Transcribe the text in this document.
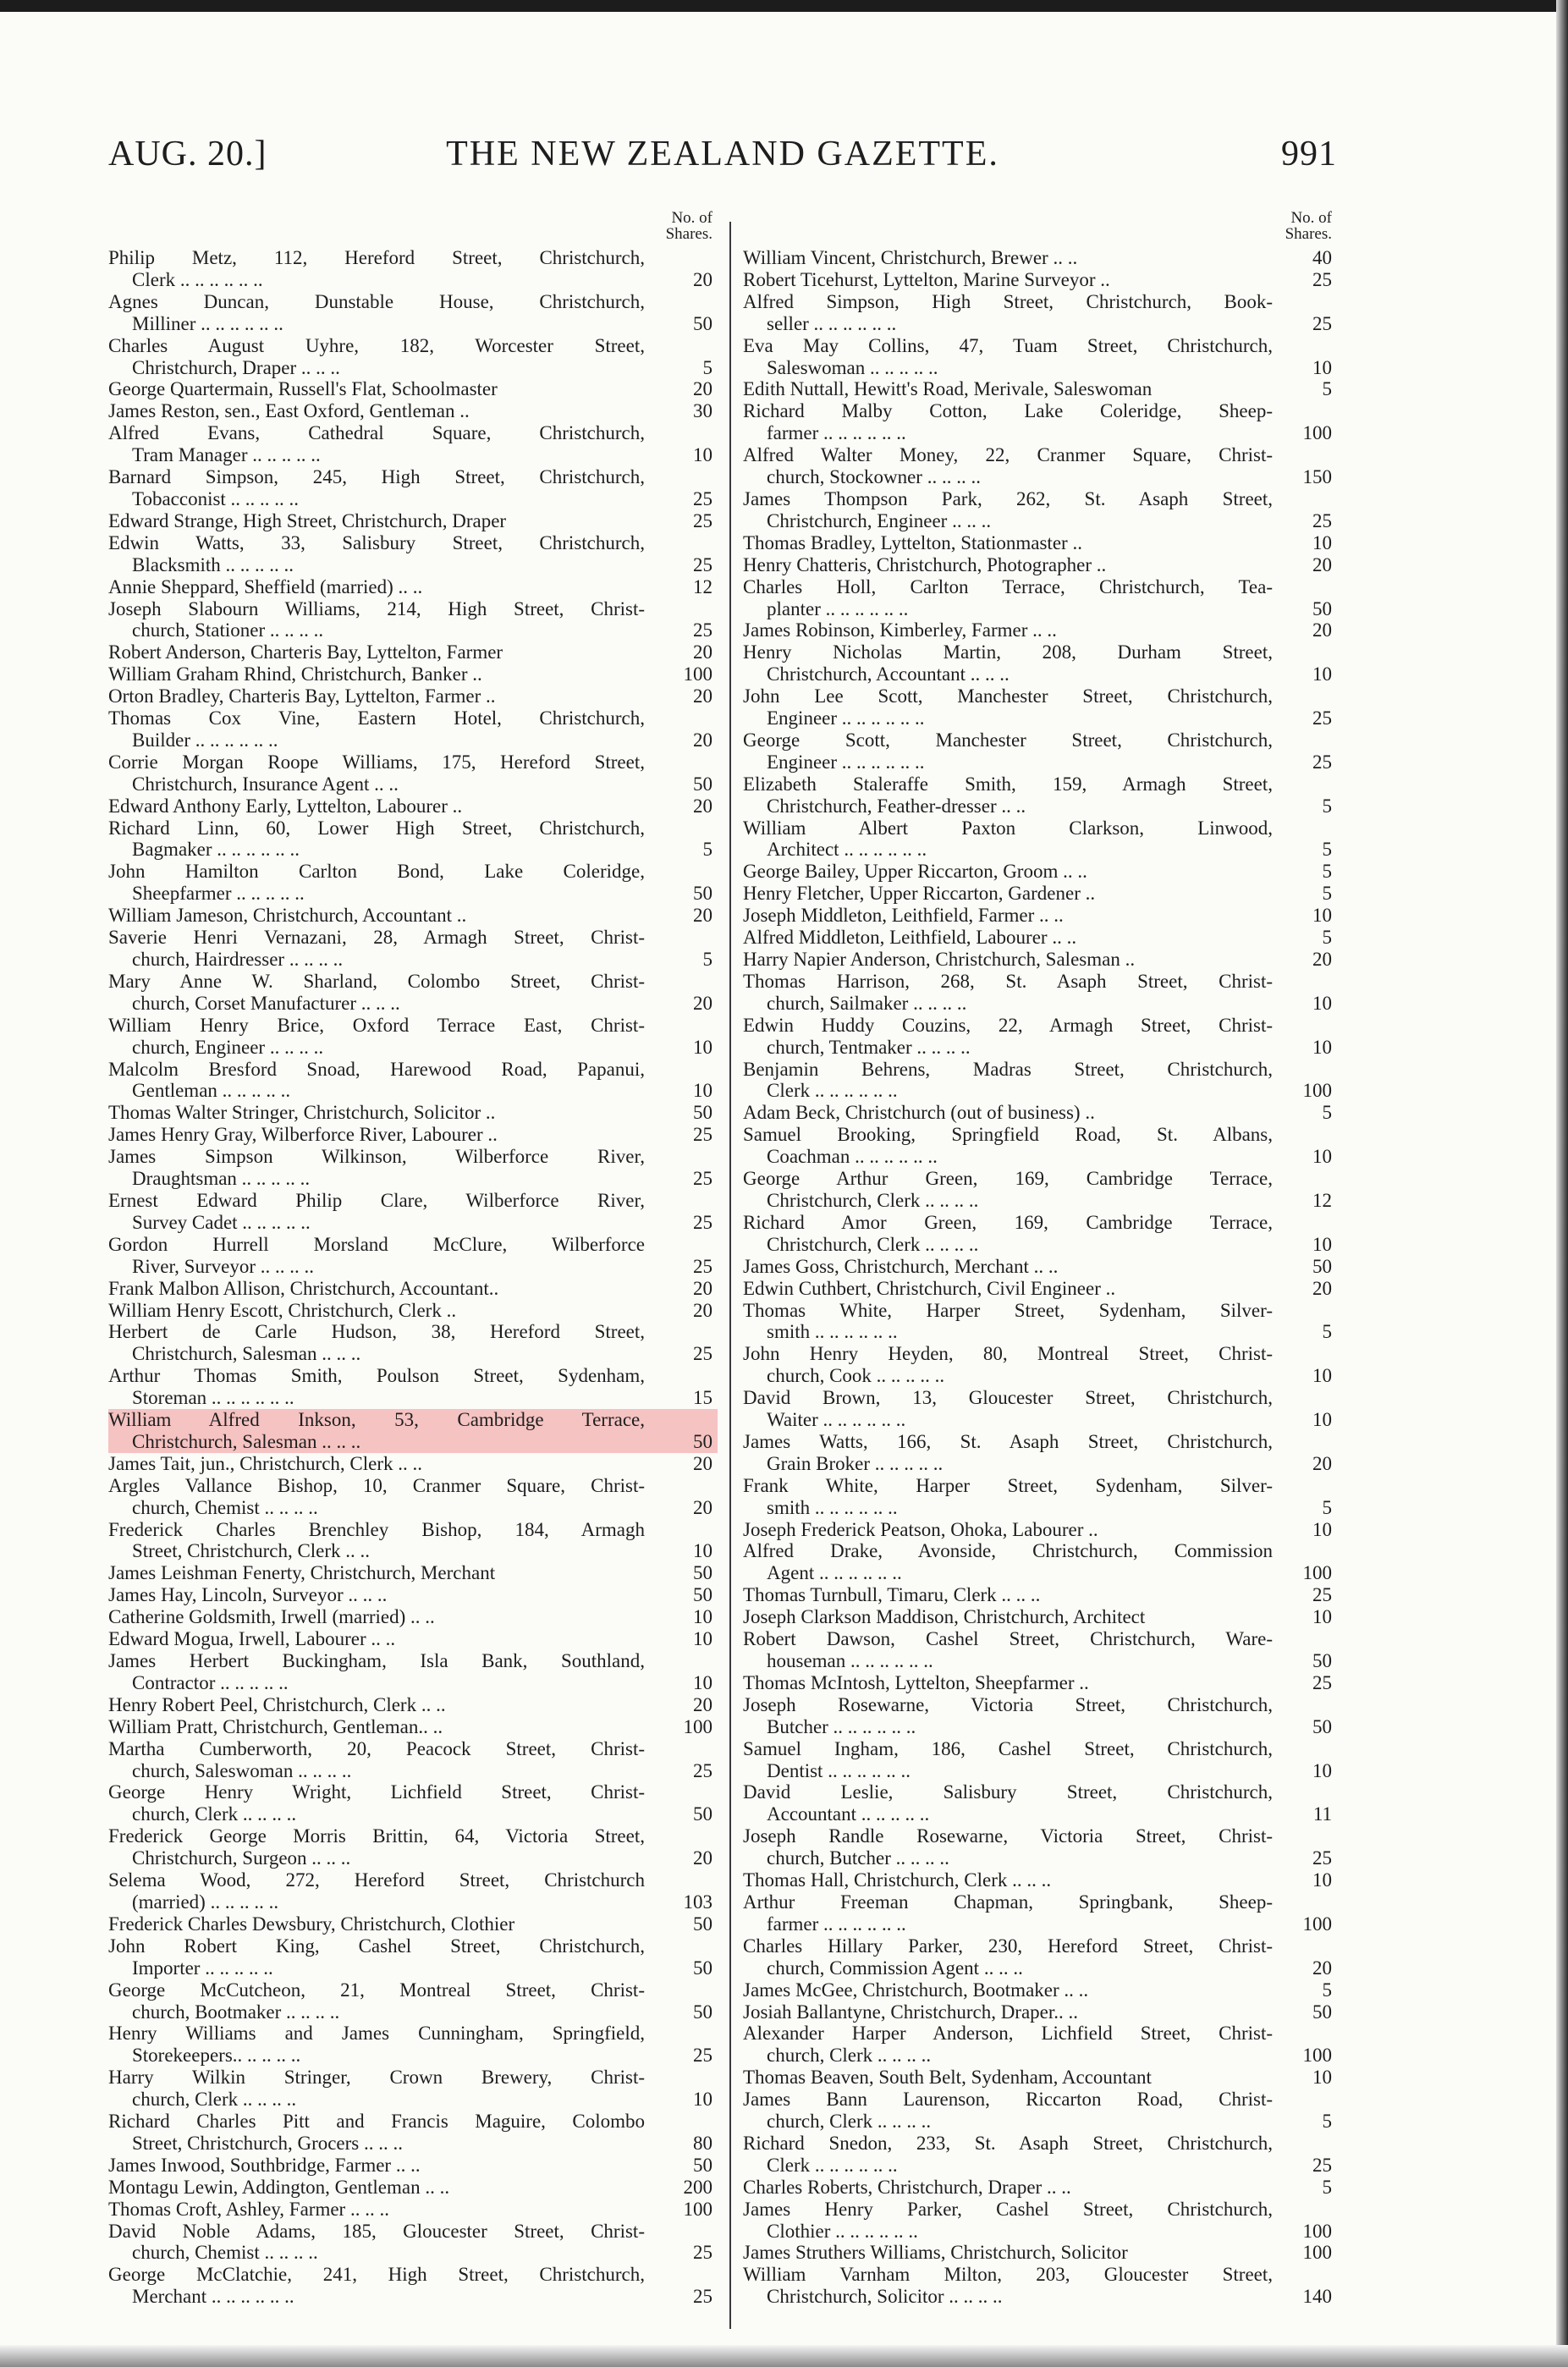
AUG. 20.]	THE NEW ZEALAND GAZETTE.	991
No. of
Shares.
Philip Metz, 112, Hereford Street, Christchurch,
Clerk .. .. .. .. .. ..	20
Agnes Duncan, Dunstable House, Christchurch,
Milliner .. .. .. .. .. ..	50
Charles August Uyhre, 182, Worcester Street,
Christchurch, Draper .. .. ..	5
George Quartermain, Russell's Flat, Schoolmaster	20
James Reston, sen., East Oxford, Gentleman ..	30
Alfred Evans, Cathedral Square, Christchurch,
Tram Manager .. .. .. .. ..	10
Barnard Simpson, 245, High Street, Christchurch,
Tobacconist .. .. .. .. ..	25
Edward Strange, High Street, Christchurch, Draper	25
Edwin Watts, 33, Salisbury Street, Christchurch,
Blacksmith .. .. .. .. ..	25
Annie Sheppard, Sheffield (married) .. ..	12
Joseph Slabourn Williams, 214, High Street, Christ-
church, Stationer .. .. .. ..	25
Robert Anderson, Charteris Bay, Lyttelton, Farmer	20
William Graham Rhind, Christchurch, Banker ..	100
Orton Bradley, Charteris Bay, Lyttelton, Farmer ..	20
Thomas Cox Vine, Eastern Hotel, Christchurch,
Builder .. .. .. .. .. ..	20
Corrie Morgan Roope Williams, 175, Hereford Street,
Christchurch, Insurance Agent .. ..	50
Edward Anthony Early, Lyttelton, Labourer ..	20
Richard Linn, 60, Lower High Street, Christchurch,
Bagmaker .. .. .. .. .. ..	5
John Hamilton Carlton Bond, Lake Coleridge,
Sheepfarmer .. .. .. .. ..	50
William Jameson, Christchurch, Accountant ..	20
Saverie Henri Vernazani, 28, Armagh Street, Christ-
church, Hairdresser .. .. .. ..	5
Mary Anne W. Sharland, Colombo Street, Christ-
church, Corset Manufacturer .. .. ..	20
William Henry Brice, Oxford Terrace East, Christ-
church, Engineer .. .. .. ..	10
Malcolm Bresford Snoad, Harewood Road, Papanui,
Gentleman .. .. .. .. ..	10
Thomas Walter Stringer, Christchurch, Solicitor ..	50
James Henry Gray, Wilberforce River, Labourer ..	25
James Simpson Wilkinson, Wilberforce River,
Draughtsman .. .. .. .. ..	25
Ernest Edward Philip Clare, Wilberforce River,
Survey Cadet .. .. .. .. ..	25
Gordon Hurrell Morsland McClure, Wilberforce
River, Surveyor .. .. .. ..	25
Frank Malbon Allison, Christchurch, Accountant..	20
William Henry Escott, Christchurch, Clerk ..	20
Herbert de Carle Hudson, 38, Hereford Street,
Christchurch, Salesman .. .. ..	25
Arthur Thomas Smith, Poulson Street, Sydenham,
Storeman .. .. .. .. .. ..	15
William Alfred Inkson, 53, Cambridge Terrace,
Christchurch, Salesman .. .. ..	50
James Tait, jun., Christchurch, Clerk .. ..	20
Argles Vallance Bishop, 10, Cranmer Square, Christ-
church, Chemist .. .. .. ..	20
Frederick Charles Brenchley Bishop, 184, Armagh
Street, Christchurch, Clerk .. ..	10
James Leishman Fenerty, Christchurch, Merchant	50
James Hay, Lincoln, Surveyor .. .. ..	50
Catherine Goldsmith, Irwell (married) .. ..	10
Edward Mogua, Irwell, Labourer .. ..	10
James Herbert Buckingham, Isla Bank, Southland,
Contractor .. .. .. .. ..	10
Henry Robert Peel, Christchurch, Clerk .. ..	20
William Pratt, Christchurch, Gentleman.. ..	100
Martha Cumberworth, 20, Peacock Street, Christ-
church, Saleswoman .. .. .. ..	25
George Henry Wright, Lichfield Street, Christ-
church, Clerk .. .. .. ..	50
Frederick George Morris Brittin, 64, Victoria Street,
Christchurch, Surgeon .. .. ..	20
Selema Wood, 272, Hereford Street, Christchurch
(married) .. .. .. .. ..	103
Frederick Charles Dewsbury, Christchurch, Clothier	50
John Robert King, Cashel Street, Christchurch,
Importer .. .. .. .. ..	50
George McCutcheon, 21, Montreal Street, Christ-
church, Bootmaker .. .. .. ..	50
Henry Williams and James Cunningham, Springfield,
Storekeepers.. .. .. .. ..	25
Harry Wilkin Stringer, Crown Brewery, Christ-
church, Clerk .. .. .. ..	10
Richard Charles Pitt and Francis Maguire, Colombo
Street, Christchurch, Grocers .. .. ..	80
James Inwood, Southbridge, Farmer .. ..	50
Montagu Lewin, Addington, Gentleman .. ..	200
Thomas Croft, Ashley, Farmer .. .. ..	100
David Noble Adams, 185, Gloucester Street, Christ-
church, Chemist .. .. .. ..	25
George McClatchie, 241, High Street, Christchurch,
Merchant .. .. .. .. .. ..	25
No. of
Shares.
William Vincent, Christchurch, Brewer .. ..	40
Robert Ticehurst, Lyttelton, Marine Surveyor ..	25
Alfred Simpson, High Street, Christchurch, Book-
seller .. .. .. .. .. ..	25
Eva May Collins, 47, Tuam Street, Christchurch,
Saleswoman .. .. .. .. ..	10
Edith Nuttall, Hewitt's Road, Merivale, Saleswoman	5
Richard Malby Cotton, Lake Coleridge, Sheep-
farmer .. .. .. .. .. ..	100
Alfred Walter Money, 22, Cranmer Square, Christ-
church, Stockowner .. .. .. ..	150
James Thompson Park, 262, St. Asaph Street,
Christchurch, Engineer .. .. ..	25
Thomas Bradley, Lyttelton, Stationmaster ..	10
Henry Chatteris, Christchurch, Photographer ..	20
Charles Holl, Carlton Terrace, Christchurch, Tea-
planter .. .. .. .. .. ..	50
James Robinson, Kimberley, Farmer .. ..	20
Henry Nicholas Martin, 208, Durham Street,
Christchurch, Accountant .. .. ..	10
John Lee Scott, Manchester Street, Christchurch,
Engineer .. .. .. .. .. ..	25
George Scott, Manchester Street, Christchurch,
Engineer .. .. .. .. .. ..	25
Elizabeth Staleraffe Smith, 159, Armagh Street,
Christchurch, Feather-dresser .. ..	5
William Albert Paxton Clarkson, Linwood,
Architect .. .. .. .. .. ..	5
George Bailey, Upper Riccarton, Groom .. ..	5
Henry Fletcher, Upper Riccarton, Gardener ..	5
Joseph Middleton, Leithfield, Farmer .. ..	10
Alfred Middleton, Leithfield, Labourer .. ..	5
Harry Napier Anderson, Christchurch, Salesman ..	20
Thomas Harrison, 268, St. Asaph Street, Christ-
church, Sailmaker .. .. .. ..	10
Edwin Huddy Couzins, 22, Armagh Street, Christ-
church, Tentmaker .. .. .. ..	10
Benjamin Behrens, Madras Street, Christchurch,
Clerk .. .. .. .. .. ..	100
Adam Beck, Christchurch (out of business) ..	5
Samuel Brooking, Springfield Road, St. Albans,
Coachman .. .. .. .. .. ..	10
George Arthur Green, 169, Cambridge Terrace,
Christchurch, Clerk .. .. .. ..	12
Richard Amor Green, 169, Cambridge Terrace,
Christchurch, Clerk .. .. .. ..	10
James Goss, Christchurch, Merchant .. ..	50
Edwin Cuthbert, Christchurch, Civil Engineer ..	20
Thomas White, Harper Street, Sydenham, Silver-
smith .. .. .. .. .. ..	5
John Henry Heyden, 80, Montreal Street, Christ-
church, Cook .. .. .. .. ..	10
David Brown, 13, Gloucester Street, Christchurch,
Waiter .. .. .. .. .. ..	10
James Watts, 166, St. Asaph Street, Christchurch,
Grain Broker .. .. .. .. ..	20
Frank White, Harper Street, Sydenham, Silver-
smith .. .. .. .. .. ..	5
Joseph Frederick Peatson, Ohoka, Labourer ..	10
Alfred Drake, Avonside, Christchurch, Commission
Agent .. .. .. .. .. ..	100
Thomas Turnbull, Timaru, Clerk .. .. ..	25
Joseph Clarkson Maddison, Christchurch, Architect	10
Robert Dawson, Cashel Street, Christchurch, Ware-
houseman .. .. .. .. .. ..	50
Thomas McIntosh, Lyttelton, Sheepfarmer ..	25
Joseph Rosewarne, Victoria Street, Christchurch,
Butcher .. .. .. .. .. ..	50
Samuel Ingham, 186, Cashel Street, Christchurch,
Dentist .. .. .. .. .. ..	10
David Leslie, Salisbury Street, Christchurch,
Accountant .. .. .. .. ..	11
Joseph Randle Rosewarne, Victoria Street, Christ-
church, Butcher .. .. .. ..	25
Thomas Hall, Christchurch, Clerk .. .. ..	10
Arthur Freeman Chapman, Springbank, Sheep-
farmer .. .. .. .. .. ..	100
Charles Hillary Parker, 230, Hereford Street, Christ-
church, Commission Agent .. .. ..	20
James McGee, Christchurch, Bootmaker .. ..	5
Josiah Ballantyne, Christchurch, Draper.. ..	50
Alexander Harper Anderson, Lichfield Street, Christ-
church, Clerk .. .. .. ..	100
Thomas Beaven, South Belt, Sydenham, Accountant	10
James Bann Laurenson, Riccarton Road, Christ-
church, Clerk .. .. .. ..	5
Richard Snedon, 233, St. Asaph Street, Christchurch,
Clerk .. .. .. .. .. ..	25
Charles Roberts, Christchurch, Draper .. ..	5
James Henry Parker, Cashel Street, Christchurch,
Clothier .. .. .. .. .. ..	100
James Struthers Williams, Christchurch, Solicitor	100
William Varnham Milton, 203, Gloucester Street,
Christchurch, Solicitor .. .. .. ..	140
